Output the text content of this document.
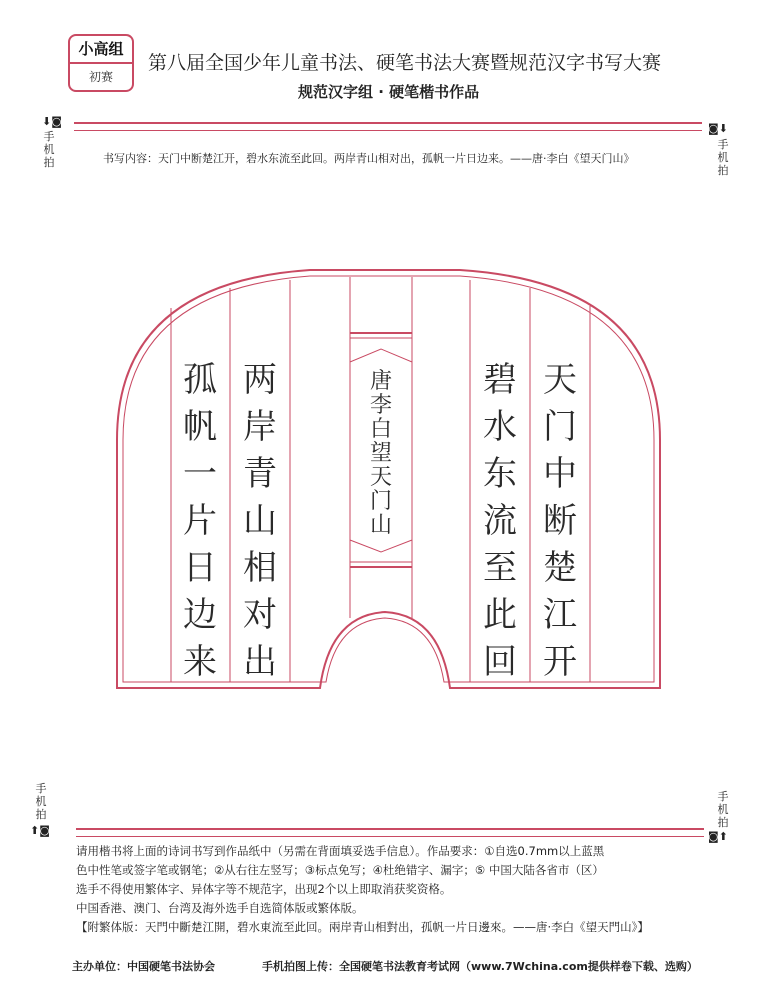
小高组
初赛
第八届全国少年儿童书法、硬笔书法大赛暨规范汉字书写大赛
规范汉字组 · 硬笔楷书作品
⬇◙
手机拍
◙⬇
手机拍
书写内容：天门中断楚江开，碧水东流至此回。两岸青山相对出，孤帆一片日边来。——唐·李白《望天门山》
天
门
中
断
楚
江
开
碧
水
东
流
至
此
回
两
岸
青
山
相
对
出
孤
帆
一
片
日
边
来
唐
李
白
望
天
门
山
手机拍
⬆◙
手机拍
◙⬆
请用楷书将上面的诗词书写到作品纸中（另需在背面填妥选手信息）。作品要求：①自选0.7mm以上蓝黑
色中性笔或签字笔或钢笔；②从右往左竖写；③标点免写；④杜绝错字、漏字；⑤ 中国大陆各省市（区）
选手不得使用繁体字、异体字等不规范字，出现2个以上即取消获奖资格。
中国香港、澳门、台湾及海外选手自选简体版或繁体版。
【附繁体版：天門中斷楚江開，碧水東流至此回。兩岸青山相對出，孤帆一片日邊來。——唐·李白《望天門山》】
主办单位：中国硬笔书法协会	手机拍图上传：全国硬笔书法教育考试网（www.7Wchina.com提供样卷下载、选购）
